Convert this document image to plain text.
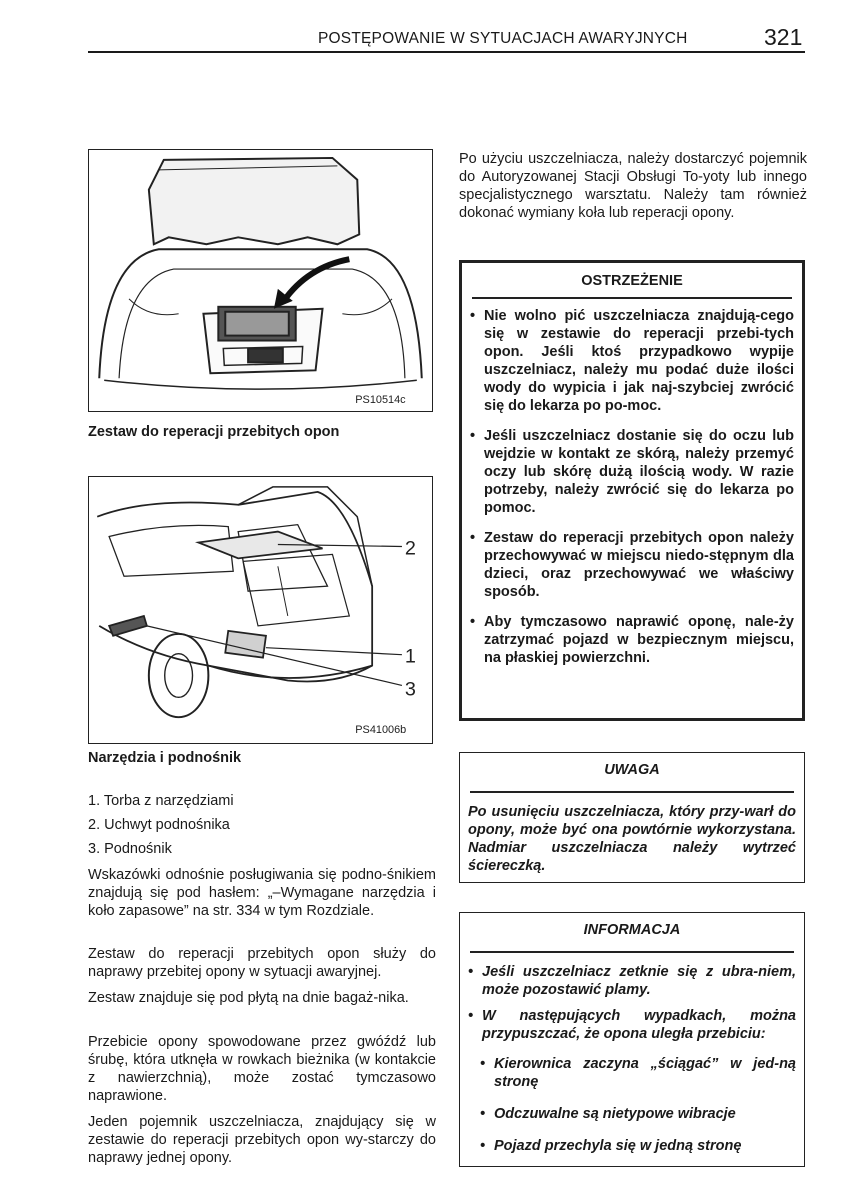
POSTĘPOWANIE W SYTUACJACH AWARYJNYCH	321
PS10514c
Zestaw do reperacji przebitych opon
2
1
3
PS41006b
Narzędzia i podnośnik
1. Torba z narzędziami
2. Uchwyt podnośnika
3. Podnośnik
Wskazówki odnośnie posługiwania się podno-śnikiem znajdują się pod hasłem: „–Wymagane narzędzia i koło zapasowe” na str. 334 w tym Rozdziale.
Zestaw do reperacji przebitych opon służy do naprawy przebitej opony w sytuacji awaryjnej.
Zestaw znajduje się pod płytą na dnie bagaż-nika.
Przebicie opony spowodowane przez gwóźdź lub śrubę, która utknęła w rowkach bieżnika (w kontakcie z nawierzchnią), może zostać tymczasowo naprawione.
Jeden pojemnik uszczelniacza, znajdujący się w zestawie do reperacji przebitych opon wy-starczy do naprawy jednej opony.
Po użyciu uszczelniacza, należy dostarczyć pojemnik do Autoryzowanej Stacji Obsługi To-yoty lub innego specjalistycznego warsztatu. Należy tam również dokonać wymiany koła lub reperacji opony.
OSTRZEŻENIE
• Nie wolno pić uszczelniacza znajdują-cego się w zestawie do reperacji przebi-tych opon. Jeśli ktoś przypadkowo wypije uszczelniacz, należy mu podać duże ilości wody do wypicia i jak naj-szybciej zwrócić się do lekarza po po-moc.
• Jeśli uszczelniacz dostanie się do oczu lub wejdzie w kontakt ze skórą, należy przemyć oczy lub skórę dużą ilością wody. W razie potrzeby, należy zwrócić się do lekarza po pomoc.
• Zestaw do reperacji przebitych opon należy przechowywać w miejscu niedo-stępnym dla dzieci, oraz przechowywać we właściwy sposób.
• Aby tymczasowo naprawić oponę, nale-ży zatrzymać pojazd w bezpiecznym miejscu, na płaskiej powierzchni.
UWAGA
Po usunięciu uszczelniacza, który przy-warł do opony, może być ona powtórnie wykorzystana. Nadmiar uszczelniacza należy wytrzeć ściereczką.
INFORMACJA
• Jeśli uszczelniacz zetknie się z ubra-niem, może pozostawić plamy.
• W następujących wypadkach, można przypuszczać, że opona uległa przebiciu:
• Kierownica zaczyna „ściągać” w jed-ną stronę
• Odczuwalne są nietypowe wibracje
• Pojazd przechyla się w jedną stronę
